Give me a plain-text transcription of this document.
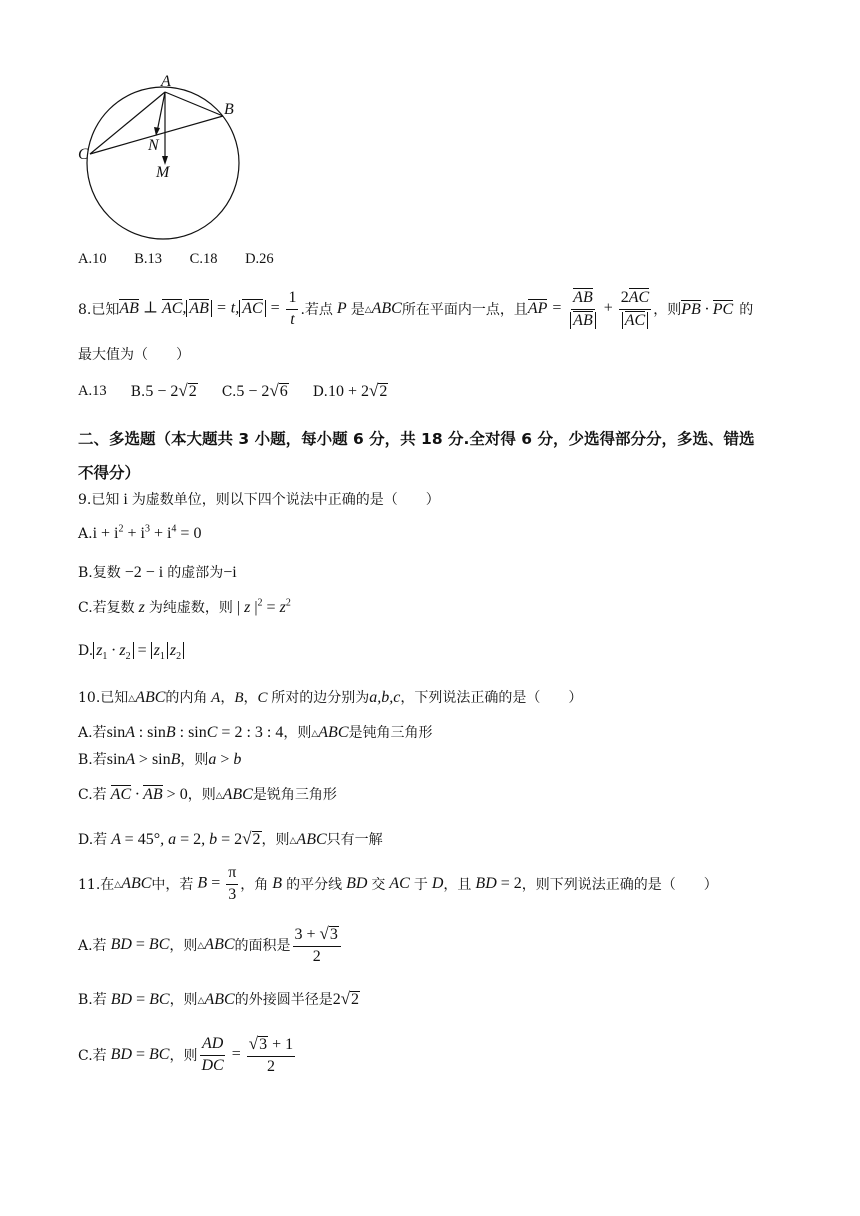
A
B
C
N
M
A.10 B.13 C.18 D.26
8.已知 AB ⊥ AC, AB = t, AC = $\frac{1}{t}$ .若点 P 是 △ABC 所在平面内一点，且 AP = $\frac{AB}{AB} + \frac{2AC}{AC}$ ，则 PB · PC 的
最大值为（　　）
A.13 B.5 − 2√2 C.5 − 2√6 D.10 + 2√2
二、多选题（本大题共 3 小题，每小题 6 分，共 18 分.全对得 6 分，少选得部分分，多选、错选
不得分）
9.已知 i 为虚数单位，则以下四个说法中正确的是（　　）
$A.i + i^2 + i^3 + i^4 = 0$
B.复数 −2 − i 的虚部为−i
C.若复数 z 为纯虚数，则 | z $|^2 = z^2$
D. $z_1 \cdot z_2 = z_1$ $z_2$
10.已知△ABC的内角 A，B，C 所对的边分别为a,b,c，下列说法正确的是（　　）
A.若sinA : sinB : sinC = 2 : 3 : 4，则△ABC是钝角三角形
B.若sinA > sinB，则a > b
C.若 AC · AB > 0，则△ABC是锐角三角形
D.若 A = 45°, a = 2, b = 2√2，则△ABC只有一解
11.在 △ABC 中，若 $B = \frac{\pi}{3}$ ，角 B 的平分线 BD 交 AC 于 D ，且 BD = 2 ，则下列说法正确的是（　　）
A.若 BD = BC ，则 △ABC 的面积是 $\frac{3 + √3}{2}$
B.若 BD = BC，则△ABC的外接圆半径是2√2
C.若 BD = BC ，则 $\frac{AD}{DC} = \frac{√3 + 1}{2}$
